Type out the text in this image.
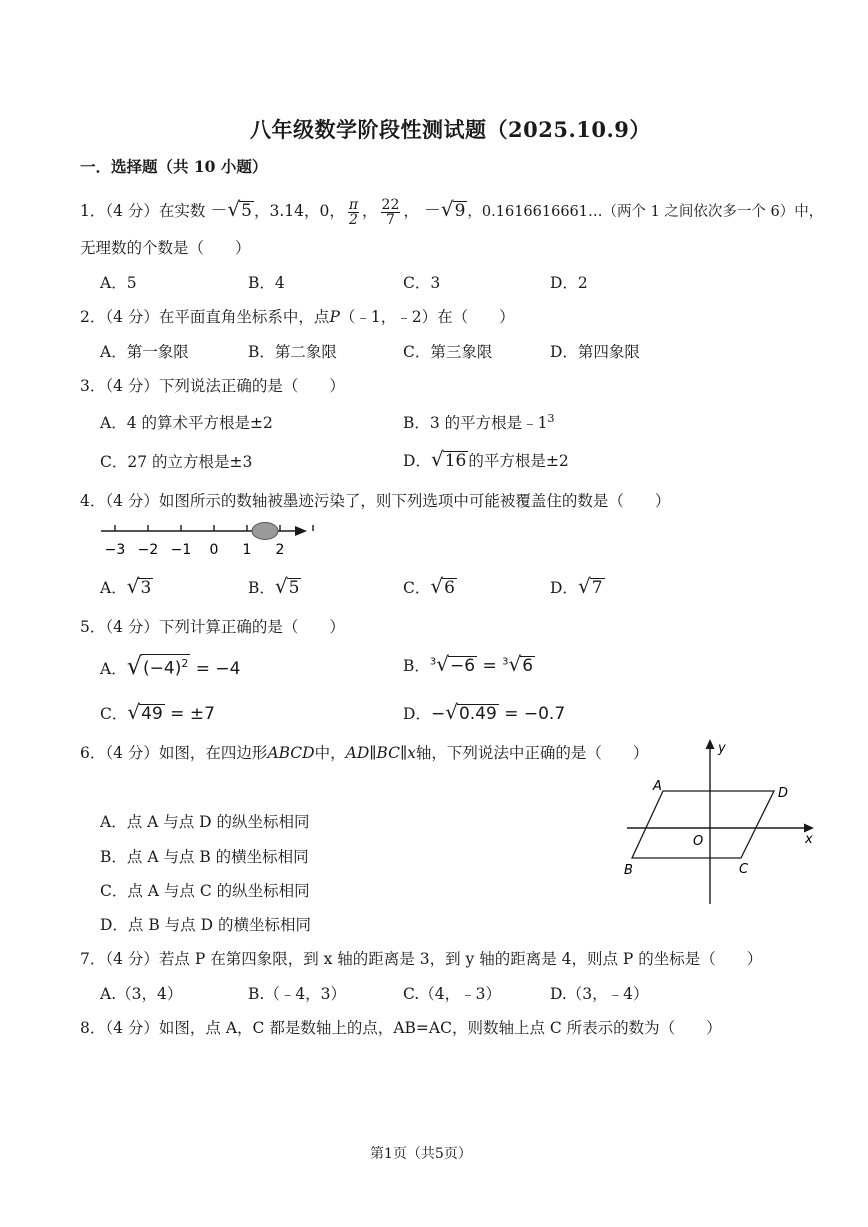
八年级数学阶段性测试题（2025.10.9）
一．选择题（共 10 小题）
1．（4 分）在实数 －√5 ，3.14，0， $\frac{\pi}{2}$ ， $\frac{22}{7}$ ， －√9 ，0.1616616661…（两个 1 之间依次多一个 6）中，
无理数的个数是（　　）
A．5	B．4	C．3	D．2
2．（4 分）在平面直角坐标系中，点P（﹣1，﹣2）在（　　）
A．第一象限	B．第二象限	C．第三象限	D．第四象限
3．（4 分）下列说法正确的是（　　）
A．4 的算术平方根是±2	B．3 的平方根是$﹣1^3$
C．27 的立方根是±3	D．√16 的平方根是±2
4．（4 分）如图所示的数轴被墨迹污染了，则下列选项中可能被覆盖住的数是（　　）
−3 −2 −1 0 1 2
A．√3	B．√5	C．√6	D．√7
5．（4 分）下列计算正确的是（　　）
A．$√(-4)^2 = -4$	B．$^3$√−6 = $^3$√6
C．√49 = ±7	D．−√0.49 = −0.7
6．（4 分）如图，在四边形ABCD中，AD∥BC∥x轴，下列说法中正确的是（　　）
A．点 A 与点 D 的纵坐标相同
B．点 A 与点 B 的横坐标相同
C．点 A 与点 C 的纵坐标相同
D．点 B 与点 D 的横坐标相同
A	D
B	C
O	x
y
7．（4 分）若点 P 在第四象限，到 x 轴的距离是 3，到 y 轴的距离是 4，则点 P 的坐标是（　　）
A.（3，4）	B.（﹣4，3）	C.（4，﹣3）	D.（3，﹣4）
8．（4 分）如图，点 A，C 都是数轴上的点，AB=AC，则数轴上点 C 所表示的数为（　　）
第1页（共5页）
